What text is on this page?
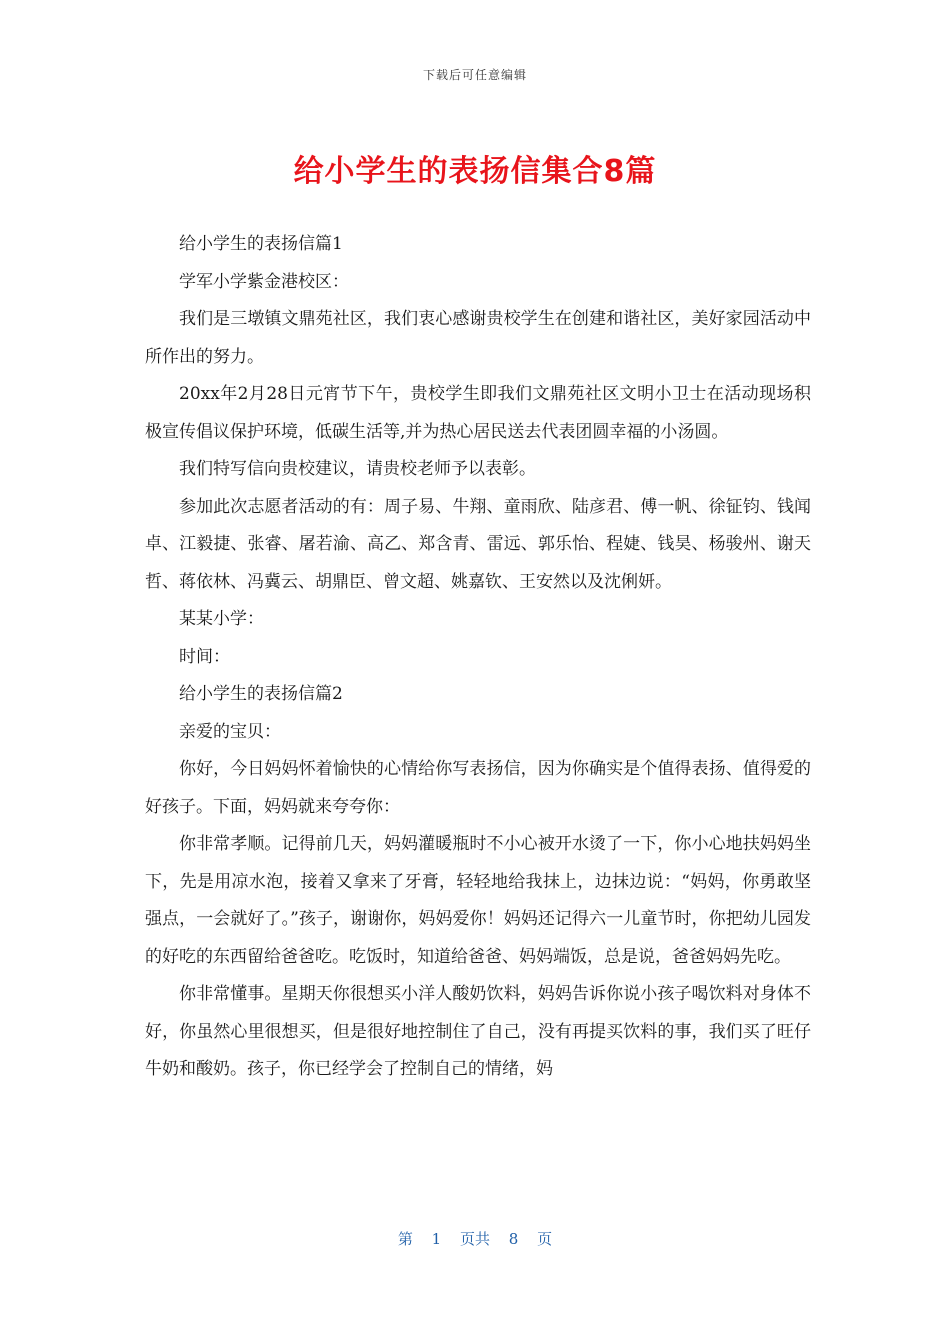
下载后可任意编辑
给小学生的表扬信集合8篇

给小学生的表扬信篇1

学军小学紫金港校区：

我们是三墩镇文鼎苑社区，我们衷心感谢贵校学生在创建和谐社区，美好家园活动中所作出的努力。

20xx年2月28日元宵节下午，贵校学生即我们文鼎苑社区文明小卫士在活动现场积极宣传倡议保护环境，低碳生活等,并为热心居民送去代表团圆幸福的小汤圆。

我们特写信向贵校建议，请贵校老师予以表彰。

参加此次志愿者活动的有：周子易、牛翔、童雨欣、陆彦君、傅一帆、徐钲钧、钱闻卓、江毅捷、张睿、屠若渝、高乙、郑含青、雷远、郭乐怡、程婕、钱昊、杨骏州、谢天哲、蒋依林、冯冀云、胡鼎臣、曾文超、姚嘉钦、王安然以及沈俐妍。

某某小学：

时间：

给小学生的表扬信篇2

亲爱的宝贝：

你好，今日妈妈怀着愉快的心情给你写表扬信，因为你确实是个值得表扬、值得爱的好孩子。下面，妈妈就来夸夸你：

你非常孝顺。记得前几天，妈妈灌暖瓶时不小心被开水烫了一下，你小心地扶妈妈坐下，先是用凉水泡，接着又拿来了牙膏，轻轻地给我抹上，边抹边说：“妈妈，你勇敢坚强点，一会就好了。”孩子，谢谢你，妈妈爱你！妈妈还记得六一儿童节时，你把幼儿园发的好吃的东西留给爸爸吃。吃饭时，知道给爸爸、妈妈端饭，总是说，爸爸妈妈先吃。

你非常懂事。星期天你很想买小洋人酸奶饮料，妈妈告诉你说小孩子喝饮料对身体不好，你虽然心里很想买，但是很好地控制住了自己，没有再提买饮料的事，我们买了旺仔牛奶和酸奶。孩子，你已经学会了控制自己的情绪，妈

第 1 页共 8 页
